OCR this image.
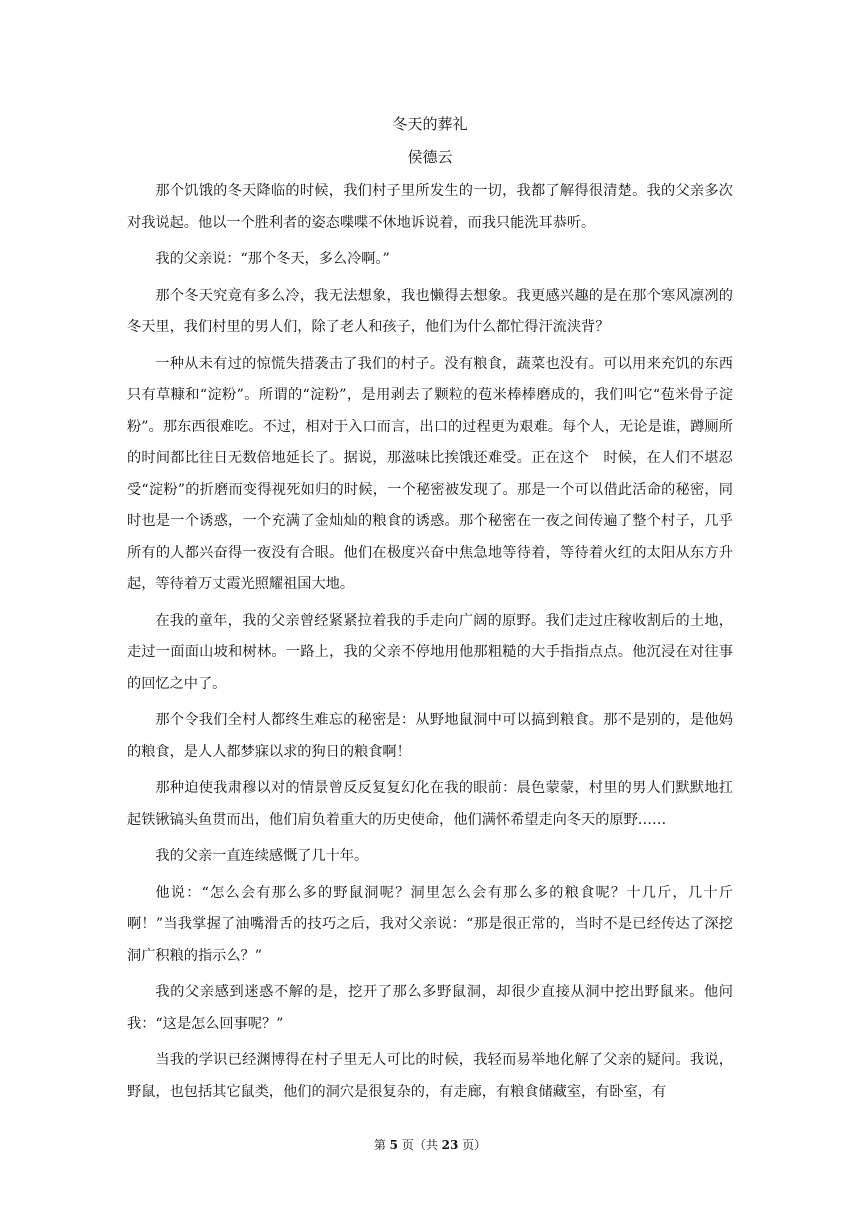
冬天的葬礼
侯德云

那个饥饿的冬天降临的时候，我们村子里所发生的一切，我都了解得很清楚。我的父亲多次对我说起。他以一个胜利者的姿态喋喋不休地诉说着，而我只能洗耳恭听。

我的父亲说：“那个冬天，多么冷啊。”

那个冬天究竟有多么冷，我无法想象，我也懒得去想象。我更感兴趣的是在那个寒风凛冽的冬天里，我们村里的男人们，除了老人和孩子，他们为什么都忙得汗流浃背？

一种从未有过的惊慌失措袭击了我们的村子。没有粮食，蔬菜也没有。可以用来充饥的东西只有草糠和“淀粉”。所谓的“淀粉”，是用剥去了颗粒的苞米棒棒磨成的，我们叫它“苞米骨子淀粉”。那东西很难吃。不过，相对于入口而言，出口的过程更为艰难。每个人，无论是谁，蹲厕所的时间都比往日无数倍地延长了。据说，那滋味比挨饿还难受。正在这个　时候，在人们不堪忍受“淀粉”的折磨而变得视死如归的时候，一个秘密被发现了。那是一个可以借此活命的秘密，同时也是一个诱惑，一个充满了金灿灿的粮食的诱惑。那个秘密在一夜之间传遍了整个村子，几乎所有的人都兴奋得一夜没有合眼。他们在极度兴奋中焦急地等待着，等待着火红的太阳从东方升起，等待着万丈霞光照耀祖国大地。

在我的童年，我的父亲曾经紧紧拉着我的手走向广阔的原野。我们走过庄稼收割后的土地，走过一面面山坡和树林。一路上，我的父亲不停地用他那粗糙的大手指指点点。他沉浸在对往事的回忆之中了。

那个令我们全村人都终生难忘的秘密是：从野地鼠洞中可以搞到粮食。那不是别的，是他妈的粮食，是人人都梦寐以求的狗日的粮食啊！

那种迫使我肃穆以对的情景曾反反复复幻化在我的眼前：晨色蒙蒙，村里的男人们默默地扛起铁锹镐头鱼贯而出，他们肩负着重大的历史使命，他们满怀希望走向冬天的原野……

我的父亲一直连续感慨了几十年。

他说：“怎么会有那么多的野鼠洞呢？洞里怎么会有那么多的粮食呢？十几斤，几十斤啊！”当我掌握了油嘴滑舌的技巧之后，我对父亲说：“那是很正常的，当时不是已经传达了深挖洞广积粮的指示么？”

我的父亲感到迷惑不解的是，挖开了那么多野鼠洞，却很少直接从洞中挖出野鼠来。他问我：“这是怎么回事呢？”

当我的学识已经渊博得在村子里无人可比的时候，我轻而易举地化解了父亲的疑问。我说，野鼠，也包括其它鼠类，他们的洞穴是很复杂的，有走廊，有粮食储藏室，有卧室，有

第 5 页（共 23 页）
